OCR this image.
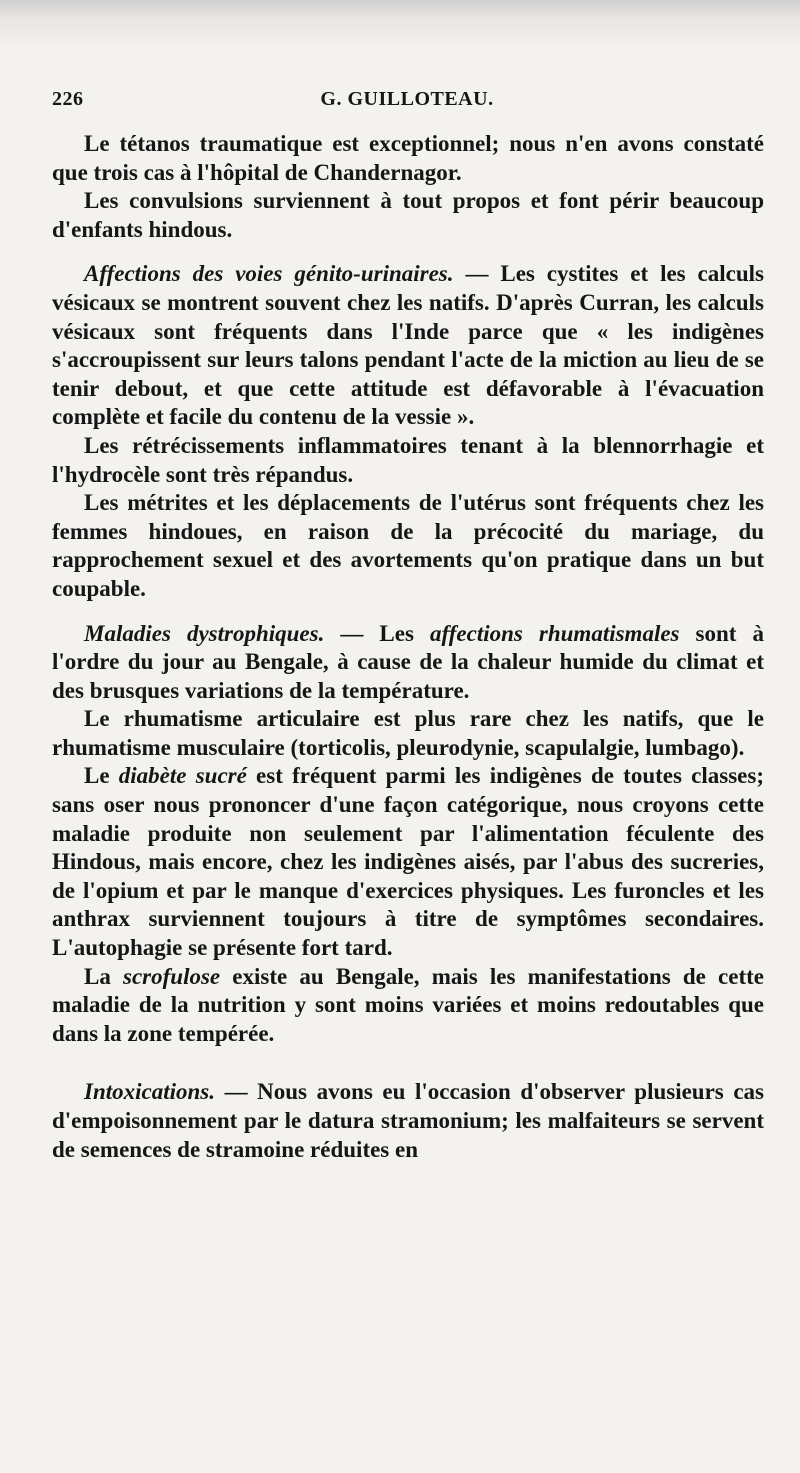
226	G. GUILLOTEAU.

Le tétanos traumatique est exceptionnel; nous n'en avons constaté que trois cas à l'hôpital de Chandernagor.

Les convulsions surviennent à tout propos et font périr beaucoup d'enfants hindous.

Affections des voies génito-urinaires. — Les cystites et les calculs vésicaux se montrent souvent chez les natifs. D'après Curran, les calculs vésicaux sont fréquents dans l'Inde parce que « les indigènes s'accroupissent sur leurs talons pendant l'acte de la miction au lieu de se tenir debout, et que cette attitude est défavorable à l'évacuation complète et facile du contenu de la vessie ».

Les rétrécissements inflammatoires tenant à la blennorrhagie et l'hydrocèle sont très répandus.

Les métrites et les déplacements de l'utérus sont fréquents chez les femmes hindoues, en raison de la précocité du mariage, du rapprochement sexuel et des avortements qu'on pratique dans un but coupable.

Maladies dystrophiques. — Les affections rhumatismales sont à l'ordre du jour au Bengale, à cause de la chaleur humide du climat et des brusques variations de la température.

Le rhumatisme articulaire est plus rare chez les natifs, que le rhumatisme musculaire (torticolis, pleurodynie, scapulalgie, lumbago).

Le diabète sucré est fréquent parmi les indigènes de toutes classes; sans oser nous prononcer d'une façon catégorique, nous croyons cette maladie produite non seulement par l'alimentation féculente des Hindous, mais encore, chez les indigènes aisés, par l'abus des sucreries, de l'opium et par le manque d'exercices physiques. Les furoncles et les anthrax surviennent toujours à titre de symptômes secondaires. L'autophagie se présente fort tard.

La scrofulose existe au Bengale, mais les manifestations de cette maladie de la nutrition y sont moins variées et moins redoutables que dans la zone tempérée.

Intoxications. — Nous avons eu l'occasion d'observer plusieurs cas d'empoisonnement par le datura stramonium; les malfaiteurs se servent de semences de stramoine réduites en
